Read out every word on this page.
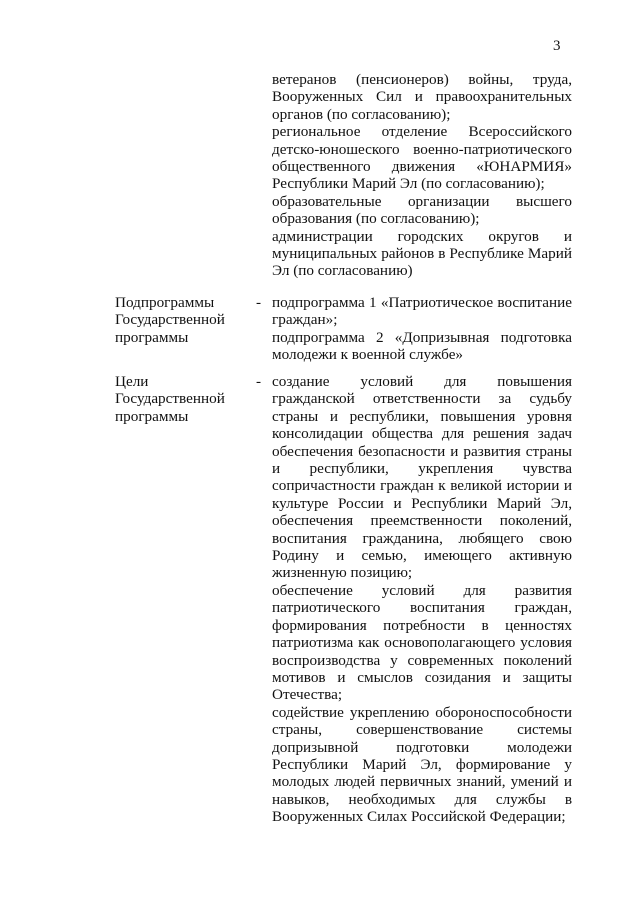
3

ветеранов (пенсионеров) войны, труда, Вооруженных Сил и правоохранительных органов (по согласованию);

региональное отделение Всероссийского детско-юношеского военно-патриотического общественного движения «ЮНАРМИЯ» Республики Марий Эл (по согласованию);

образовательные организации высшего образования (по согласованию);

администрации городских округов и муниципальных районов в Республике Марий Эл (по согласованию)

Подпрограммы Государственной программы
- подпрограмма 1 «Патриотическое воспитание граждан»;

подпрограмма 2 «Допризывная подготовка молодежи к военной службе»

Цели Государственной программы
- создание условий для повышения гражданской ответственности за судьбу страны и республики, повышения уровня консолидации общества для решения задач обеспечения безопасности и развития страны и республики, укрепления чувства сопричастности граждан к великой истории и культуре России и Республики Марий Эл, обеспечения преемственности поколений, воспитания гражданина, любящего свою Родину и семью, имеющего активную жизненную позицию;

обеспечение условий для развития патриотического воспитания граждан, формирования потребности в ценностях патриотизма как основополагающего условия воспроизводства у современных поколений мотивов и смыслов созидания и защиты Отечества;

содействие укреплению обороноспособности страны, совершенствование системы допризывной подготовки молодежи Республики Марий Эл, формирование у молодых людей первичных знаний, умений и навыков, необходимых для службы в Вооруженных Силах Российской Федерации;
